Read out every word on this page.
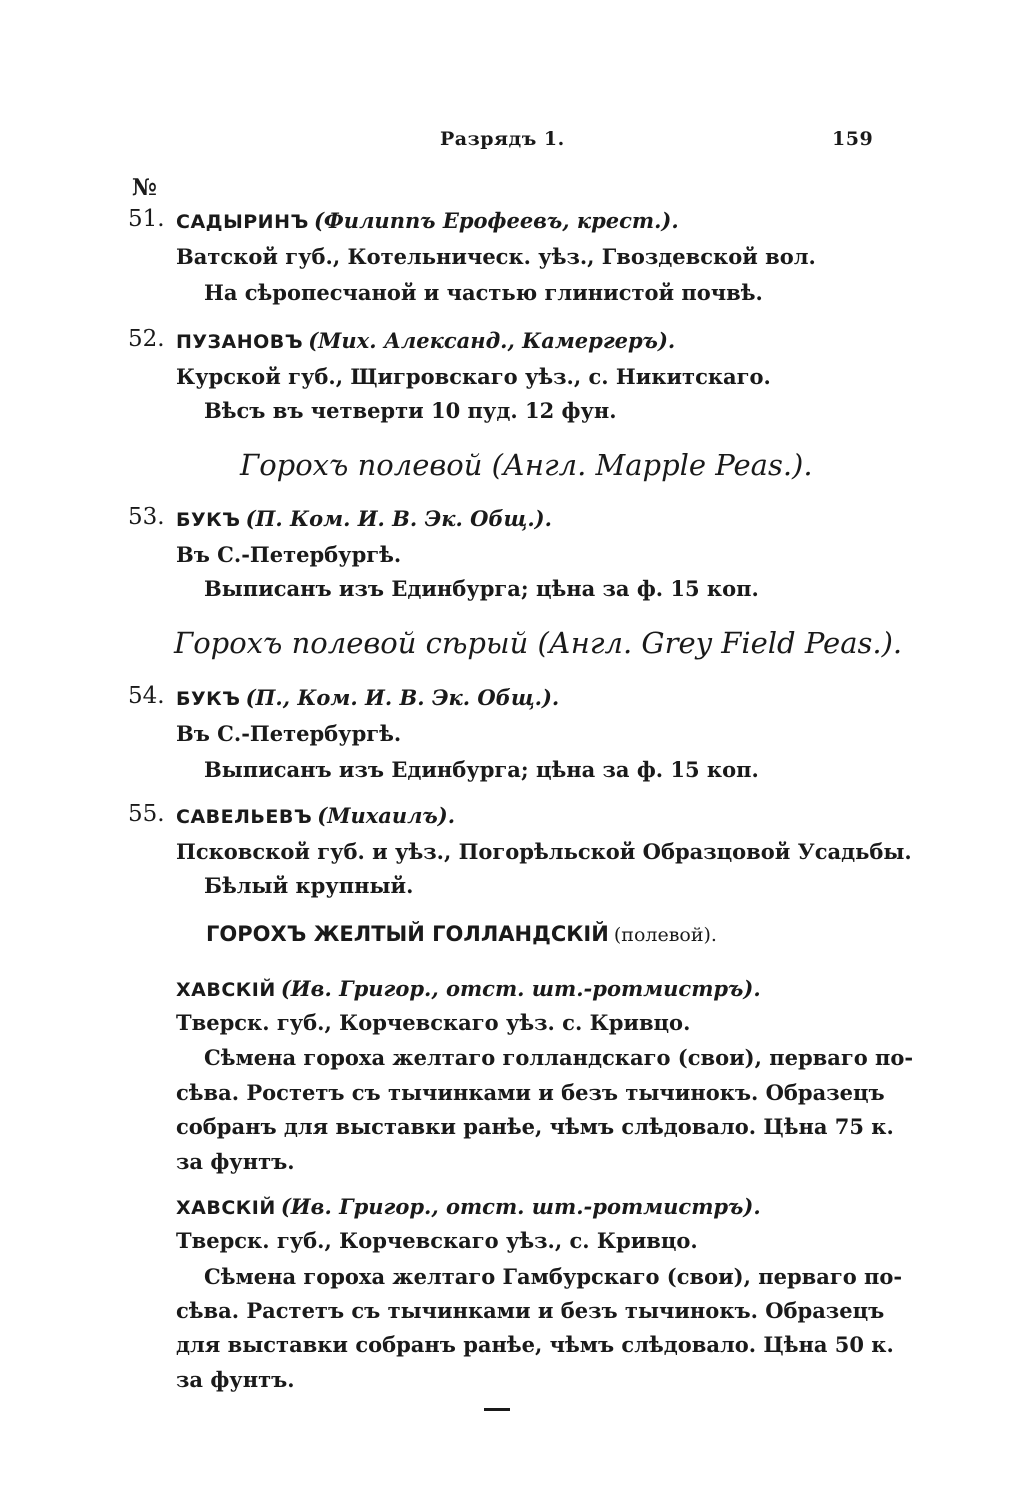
Разрядъ 1.	159
№
51. САДЫРИНЪ (Филиппъ Ерофеевъ, крест.).
Ватской губ., Котельническ. уѣз., Гвоздевской вол.
На сѣропесчаной и частью глинистой почвѣ.
52. ПУЗАНОВЪ (Мих. Александ., Камергеръ).
Курской губ., Щигровскаго уѣз., с. Никитскаго.
Вѣсъ въ четверти 10 пуд. 12 фун.
Горохъ полевой (Англ. Mapple Peas.).
53. БУКЪ (П. Ком. И. В. Эк. Общ.).
Въ С.-Петербургѣ.
Выписанъ изъ Единбурга; цѣна за ф. 15 коп.
Горохъ полевой сѣрый (Англ. Grey Field Peas.).
54. БУКЪ (П., Ком. И. В. Эк. Общ.).
Въ С.-Петербургѣ.
Выписанъ изъ Единбурга; цѣна за ф. 15 коп.
55. САВЕЛЬЕВЪ (Михаилъ).
Псковской губ. и уѣз., Погорѣльской Образцовой Усадьбы.
Бѣлый крупный.
ГОРОХЪ ЖЕЛТЫЙ ГОЛЛАНДСКІЙ (полевой).
ХАВСКІЙ (Ив. Григор., отст. шт.-ротмистръ).
Тверск. губ., Корчевскаго уѣз. с. Кривцо.
Сѣмена гороха желтаго голландскаго (свои), перваго по-
сѣва. Ростетъ съ тычинками и безъ тычинокъ. Образецъ
собранъ для выставки ранѣе, чѣмъ слѣдовало. Цѣна 75 к.
за фунтъ.
ХАВСКІЙ (Ив. Григор., отст. шт.-ротмистръ).
Тверск. губ., Корчевскаго уѣз., с. Кривцо.
Сѣмена гороха желтаго Гамбурскаго (свои), перваго по-
сѣва. Растетъ съ тычинками и безъ тычинокъ. Образецъ
для выставки собранъ ранѣе, чѣмъ слѣдовало. Цѣна 50 к.
за фунтъ.
